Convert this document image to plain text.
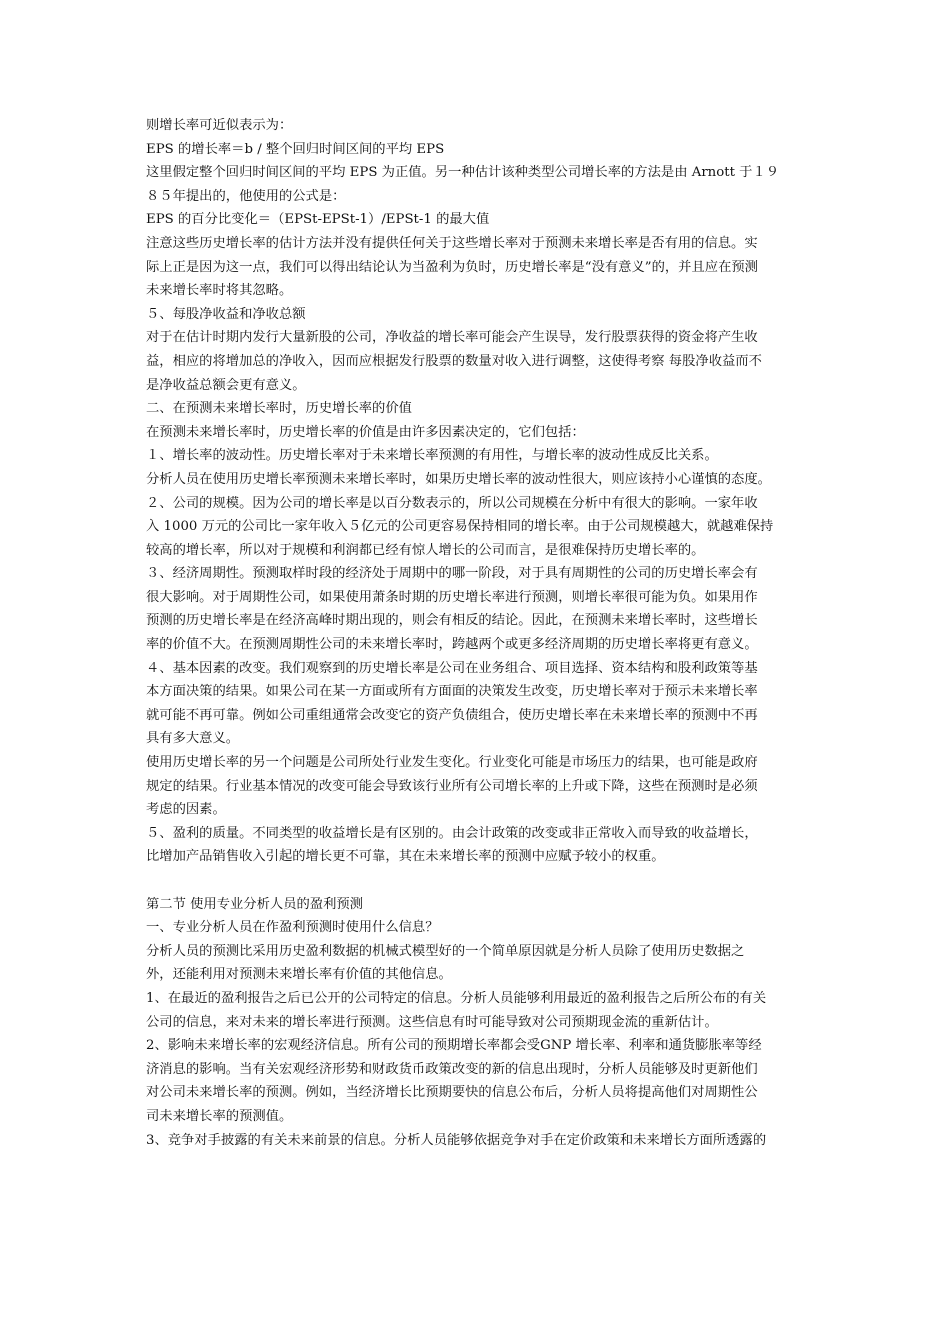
则增长率可近似表示为：
EPS 的增长率＝b / 整个回归时间区间的平均 EPS
这里假定整个回归时间区间的平均 EPS 为正值。另一种估计该种类型公司增长率的方法是由 Arnott 于１９
８５年提出的，他使用的公式是：
EPS 的百分比变化＝（EPSt-EPSt-1）/EPSt-1 的最大值
注意这些历史增长率的估计方法并没有提供任何关于这些增长率对于预测未来增长率是否有用的信息。实
际上正是因为这一点，我们可以得出结论认为当盈利为负时，历史增长率是“没有意义”的，并且应在预测
未来增长率时将其忽略。
５、每股净收益和净收总额
对于在估计时期内发行大量新股的公司，净收益的增长率可能会产生误导，发行股票获得的资金将产生收
益，相应的将增加总的净收入，因而应根据发行股票的数量对收入进行调整，这使得考察 每股净收益而不
是净收益总额会更有意义。
二、在预测未来增长率时，历史增长率的价值
在预测未来增长率时，历史增长率的价值是由许多因素决定的，它们包括：
１、增长率的波动性。历史增长率对于未来增长率预测的有用性，与增长率的波动性成反比关系。
分析人员在使用历史增长率预测未来增长率时，如果历史增长率的波动性很大，则应该持小心谨慎的态度。
２、公司的规模。因为公司的增长率是以百分数表示的，所以公司规模在分析中有很大的影响。一家年收
入 1000 万元的公司比一家年收入５亿元的公司更容易保持相同的增长率。由于公司规模越大，就越难保持
较高的增长率，所以对于规模和利润都已经有惊人增长的公司而言，是很难保持历史增长率的。
３、经济周期性。预测取样时段的经济处于周期中的哪一阶段，对于具有周期性的公司的历史增长率会有
很大影响。对于周期性公司，如果使用萧条时期的历史增长率进行预测，则增长率很可能为负。如果用作
预测的历史增长率是在经济高峰时期出现的，则会有相反的结论。因此，在预测未来增长率时，这些增长
率的价值不大。在预测周期性公司的未来增长率时，跨越两个或更多经济周期的历史增长率将更有意义。
４、基本因素的改变。我们观察到的历史增长率是公司在业务组合、项目选择、资本结构和股利政策等基
本方面决策的结果。如果公司在某一方面或所有方面面的决策发生改变，历史增长率对于预示未来增长率
就可能不再可靠。例如公司重组通常会改变它的资产负债组合，使历史增长率在未来增长率的预测中不再
具有多大意义。
使用历史增长率的另一个问题是公司所处行业发生变化。行业变化可能是市场压力的结果，也可能是政府
规定的结果。行业基本情况的改变可能会导致该行业所有公司增长率的上升或下降，这些在预测时是必须
考虑的因素。
５、盈利的质量。不同类型的收益增长是有区别的。由会计政策的改变或非正常收入而导致的收益增长，
比增加产品销售收入引起的增长更不可靠，其在未来增长率的预测中应赋予较小的权重。
第二节 使用专业分析人员的盈利预测
一、专业分析人员在作盈利预测时使用什么信息？
分析人员的预测比采用历史盈利数据的机械式模型好的一个简单原因就是分析人员除了使用历史数据之
外，还能利用对预测未来增长率有价值的其他信息。
1、在最近的盈利报告之后已公开的公司特定的信息。分析人员能够利用最近的盈利报告之后所公布的有关
公司的信息，来对未来的增长率进行预测。这些信息有时可能导致对公司预期现金流的重新估计。
2、影响未来增长率的宏观经济信息。所有公司的预期增长率都会受GNP 增长率、利率和通货膨胀率等经
济消息的影响。当有关宏观经济形势和财政货币政策改变的新的信息出现时，分析人员能够及时更新他们
对公司未来增长率的预测。例如，当经济增长比预期要快的信息公布后，分析人员将提高他们对周期性公
司未来增长率的预测值。
3、竞争对手披露的有关未来前景的信息。分析人员能够依据竞争对手在定价政策和未来增长方面所透露的
